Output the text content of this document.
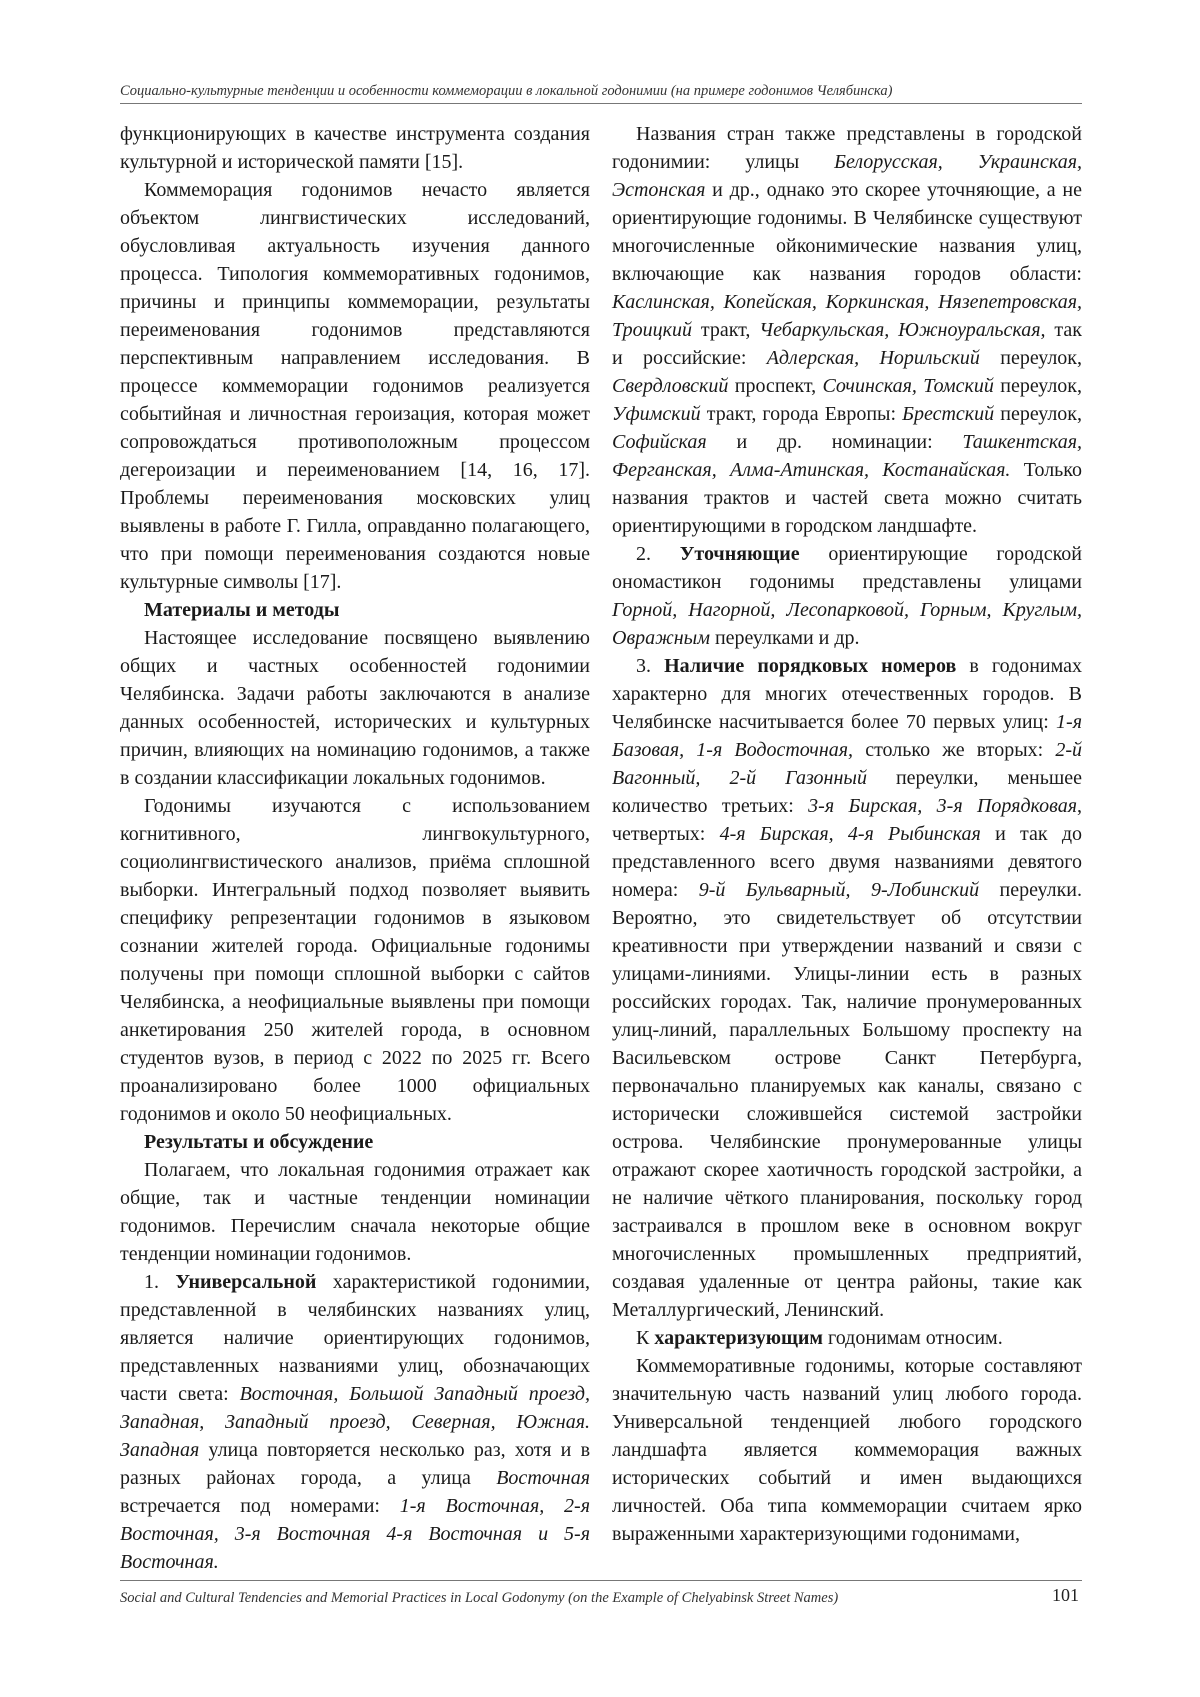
Социально-культурные тенденции и особенности коммеморации в локальной годонимии (на примере годонимов Челябинска)

функционирующих в качестве инструмента создания культурной и исторической памяти [15].

Коммеморация годонимов нечасто является объектом лингвистических исследований, обусловливая актуальность изучения данного процесса. Типология коммеморативных годонимов, причины и принципы коммеморации, результаты переименования годонимов представляются перспективным направлением исследования. В процессе коммеморации годонимов реализуется событийная и личностная героизация, которая может сопровождаться противоположным процессом дегероизации и переименованием [14, 16, 17]. Проблемы переименования московских улиц выявлены в работе Г. Гилла, оправданно полагающего, что при помощи переименования создаются новые культурные символы [17].

Материалы и методы

Настоящее исследование посвящено выявлению общих и частных особенностей годонимии Челябинска. Задачи работы заключаются в анализе данных особенностей, исторических и культурных причин, влияющих на номинацию годонимов, а также в создании классификации локальных годонимов.

Годонимы изучаются с использованием когнитивного, лингвокультурного, социолингвистического анализов, приёма сплошной выборки. Интегральный подход позволяет выявить специфику репрезентации годонимов в языковом сознании жителей города. Официальные годонимы получены при помощи сплошной выборки с сайтов Челябинска, а неофициальные выявлены при помощи анкетирования 250 жителей города, в основном студентов вузов, в период с 2022 по 2025 гг. Всего проанализировано более 1000 официальных годонимов и около 50 неофициальных.

Результаты и обсуждение

Полагаем, что локальная годонимия отражает как общие, так и частные тенденции номинации годонимов. Перечислим сначала некоторые общие тенденции номинации годонимов.

1. Универсальной характеристикой годонимии, представленной в челябинских названиях улиц, является наличие ориентирующих годонимов, представленных названиями улиц, обозначающих части света: Восточная, Большой Западный проезд, Западная, Западный проезд, Северная, Южная. Западная улица повторяется несколько раз, хотя и в разных районах города, а улица Восточная встречается под номерами: 1-я Восточная, 2-я Восточная, 3-я Восточная 4-я Восточная и 5-я Восточная.

Названия стран также представлены в городской годонимии: улицы Белорусская, Украинская, Эстонская и др., однако это скорее уточняющие, а не ориентирующие годонимы. В Челябинске существуют многочисленные ойконимические названия улиц, включающие как названия городов области: Каслинская, Копейская, Коркинская, Нязепетровская, Троицкий тракт, Чебаркульская, Южноуральская, так и российские: Адлерская, Норильский переулок, Свердловский проспект, Сочинская, Томский переулок, Уфимский тракт, города Европы: Брестский переулок, Софийская и др. номинации: Ташкентская, Ферганская, Алма-Атинская, Костанайская. Только названия трактов и частей света можно считать ориентирующими в городском ландшафте.

2. Уточняющие ориентирующие городской ономастикон годонимы представлены улицами Горной, Нагорной, Лесопарковой, Горным, Круглым, Овражным переулками и др.

3. Наличие порядковых номеров в годонимах характерно для многих отечественных городов. В Челябинске насчитывается более 70 первых улиц: 1-я Базовая, 1-я Водосточная, столько же вторых: 2-й Вагонный, 2-й Газонный переулки, меньшее количество третьих: 3-я Бирская, 3-я Порядковая, четвертых: 4-я Бирская, 4-я Рыбинская и так до представленного всего двумя названиями девятого номера: 9-й Бульварный, 9-Лобинский переулки. Вероятно, это свидетельствует об отсутствии креативности при утверждении названий и связи с улицами-линиями. Улицы-линии есть в разных российских городах. Так, наличие пронумерованных улиц-линий, параллельных Большому проспекту на Васильевском острове Санкт Петербурга, первоначально планируемых как каналы, связано с исторически сложившейся системой застройки острова. Челябинские пронумерованные улицы отражают скорее хаотичность городской застройки, а не наличие чёткого планирования, поскольку город застраивался в прошлом веке в основном вокруг многочисленных промышленных предприятий, создавая удаленные от центра районы, такие как Металлургический, Ленинский.

К характеризующим годонимам относим.

Коммеморативные годонимы, которые составляют значительную часть названий улиц любого города. Универсальной тенденцией любого городского ландшафта является коммеморация важных исторических событий и имен выдающихся личностей. Оба типа коммеморации считаем ярко выраженными характеризующими годонимами,

Social and Cultural Tendencies and Memorial Practices in Local Godonymy (on the Example of Chelyabinsk Street Names)	101
